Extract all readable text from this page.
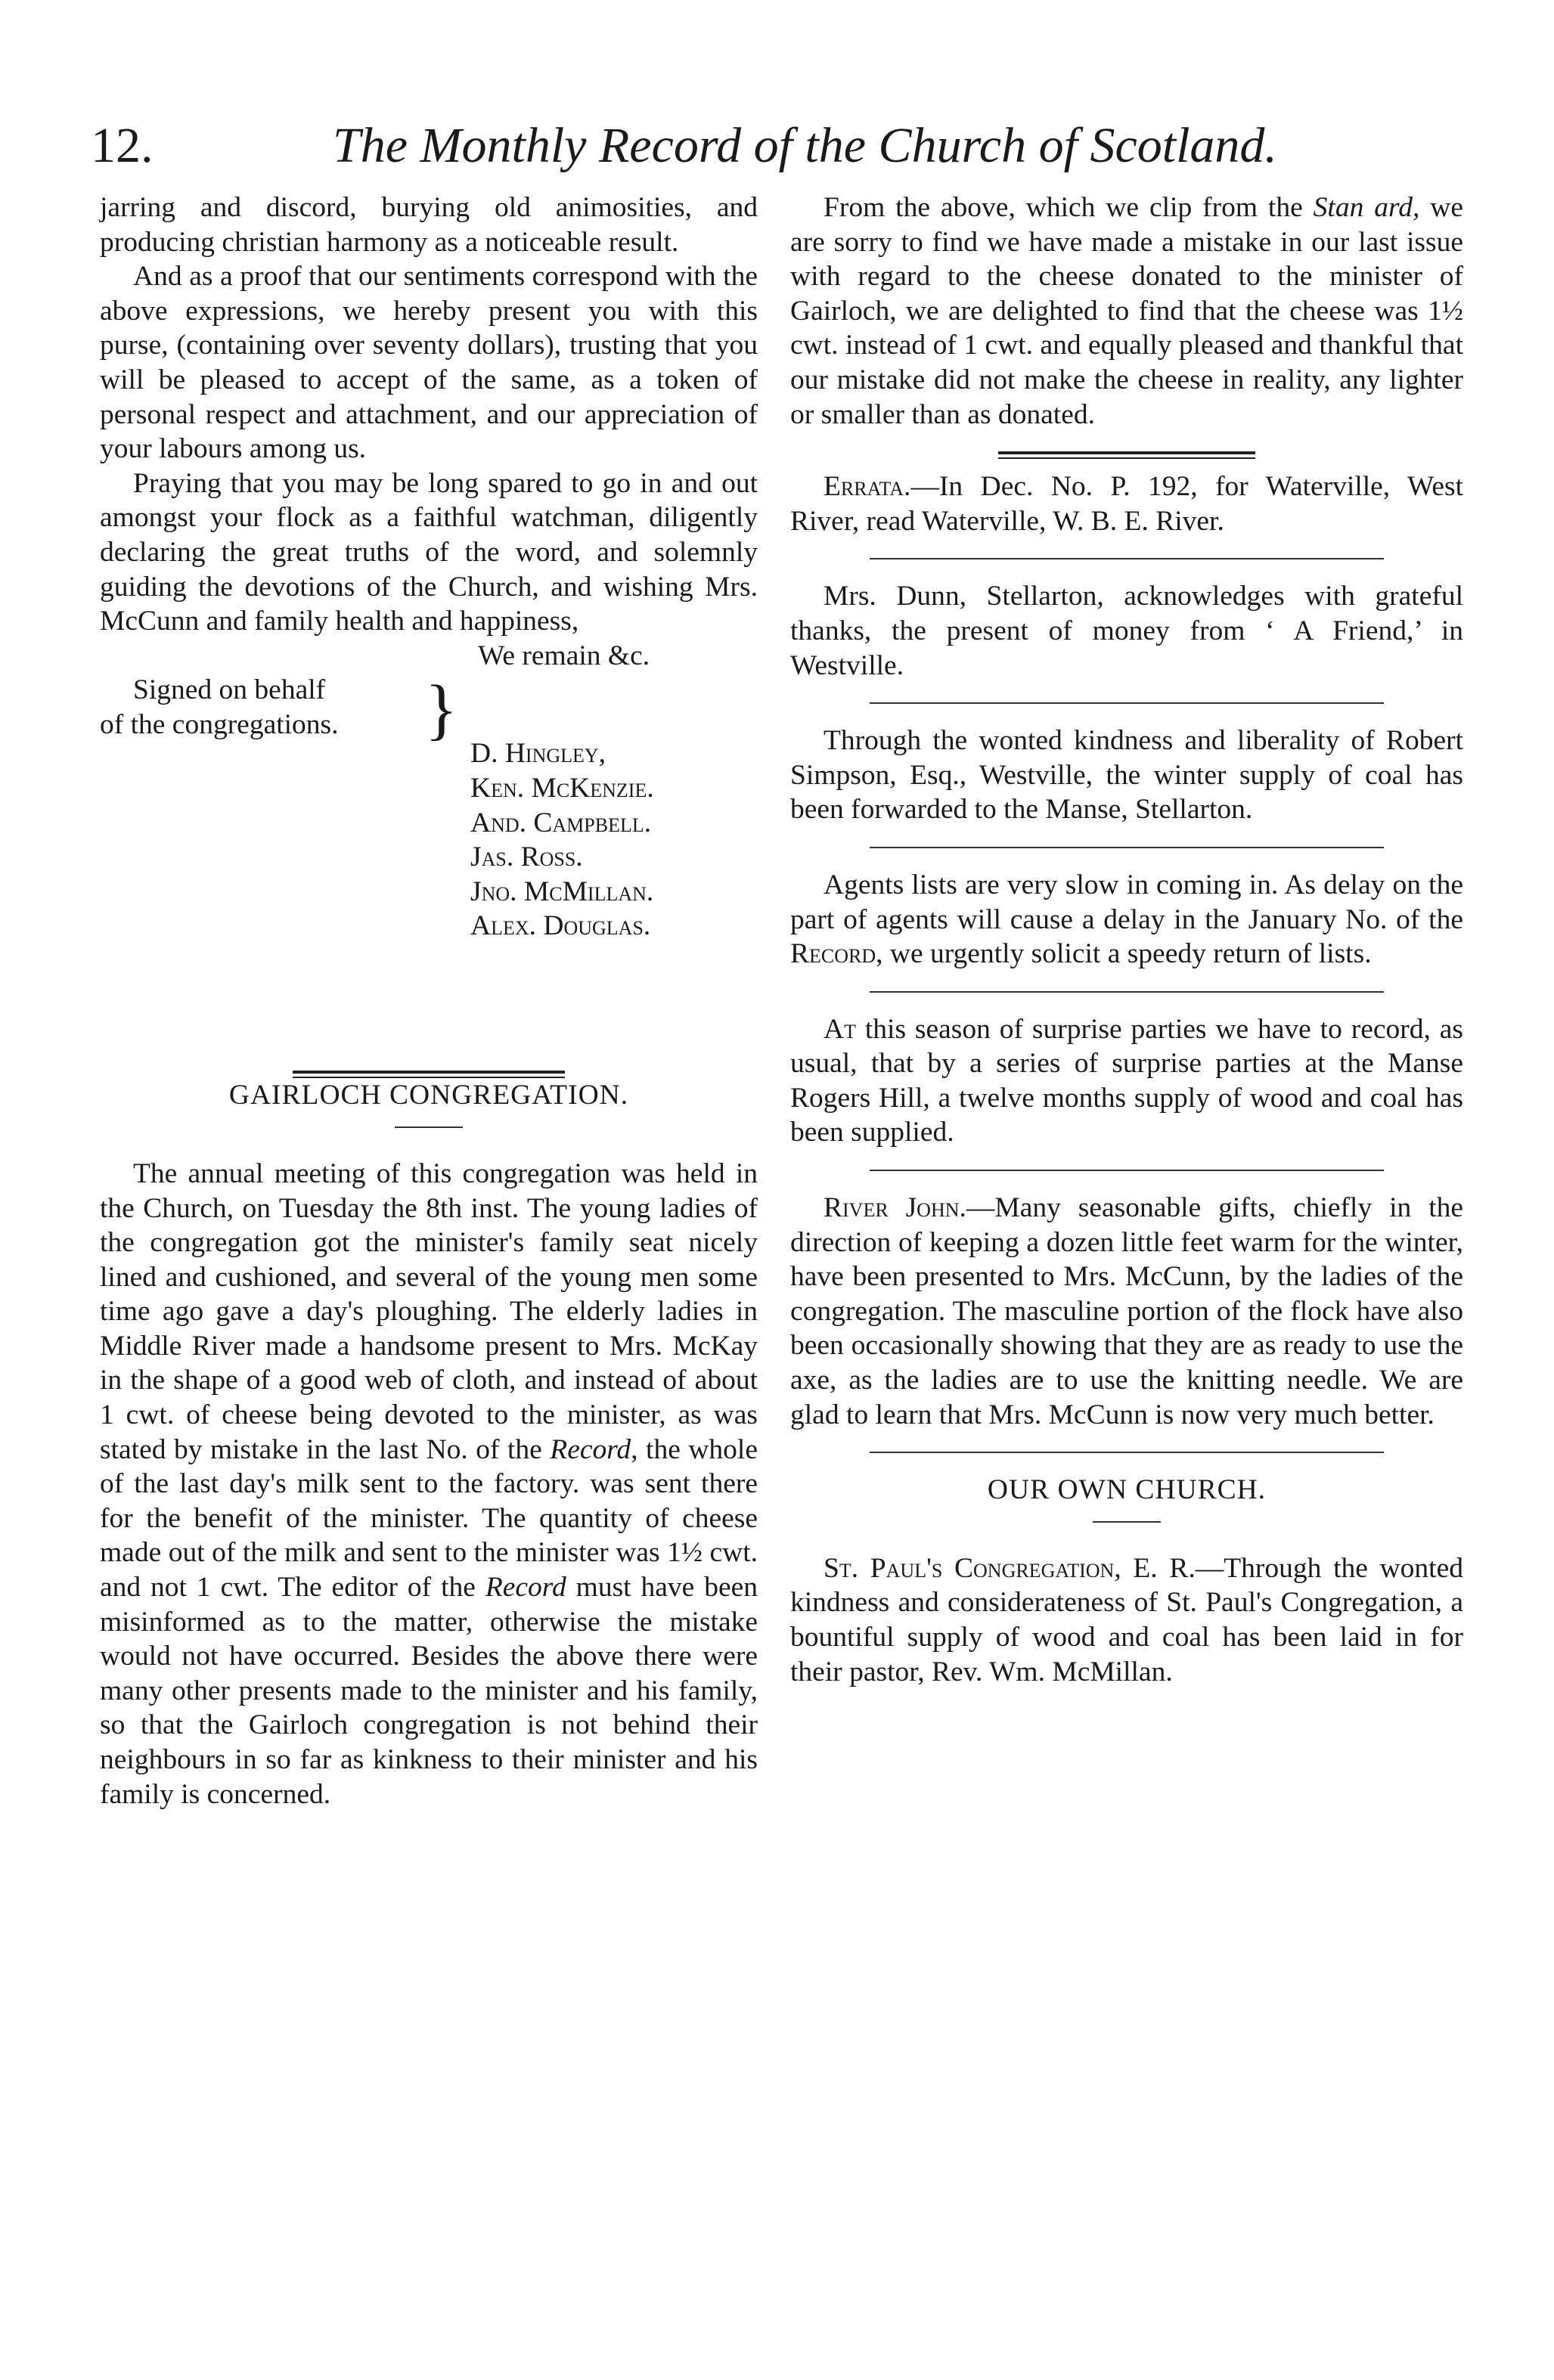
12.	The Monthly Record of the Church of Scotland.

jarring and discord, burying old animosities, and producing christian harmony as a noticeable result.

And as a proof that our sentiments correspond with the above expressions, we hereby present you with this purse, (containing over seventy dollars), trusting that you will be pleased to accept of the same, as a token of personal respect and attachment, and our appreciation of your labours among us.

Praying that you may be long spared to go in and out amongst your flock as a faithful watchman, diligently declaring the great truths of the word, and solemnly guiding the devotions of the Church, and wishing Mrs. McCunn and family health and happiness,

We remain &c.

Signed on behalf
of the congregations.	}
D. Hingley,
Ken. McKenzie.
And. Campbell.
Jas. Ross.
Jno. McMillan.
Alex. Douglas.

GAIRLOCH CONGREGATION.

The annual meeting of this congregation was held in the Church, on Tuesday the 8th inst. The young ladies of the congregation got the minister's family seat nicely lined and cushioned, and several of the young men some time ago gave a day's ploughing. The elderly ladies in Middle River made a handsome present to Mrs. McKay in the shape of a good web of cloth, and instead of about 1 cwt. of cheese being devoted to the minister, as was stated by mistake in the last No. of the Record, the whole of the last day's milk sent to the factory. was sent there for the benefit of the minister. The quantity of cheese made out of the milk and sent to the minister was 1½ cwt. and not 1 cwt. The editor of the Record must have been misinformed as to the matter, otherwise the mistake would not have occurred. Besides the above there were many other presents made to the minister and his family, so that the Gairloch congregation is not behind their neighbours in so far as kinkness to their minister and his family is concerned.

From the above, which we clip from the Stan ard, we are sorry to find we have made a mistake in our last issue with regard to the cheese donated to the minister of Gairloch, we are delighted to find that the cheese was 1½ cwt. instead of 1 cwt. and equally pleased and thankful that our mistake did not make the cheese in reality, any lighter or smaller than as donated.

Errata.—In Dec. No. P. 192, for Waterville, West River, read Waterville, W. B. E. River.

Mrs. Dunn, Stellarton, acknowledges with grateful thanks, the present of money from ‘ A Friend,’ in Westville.

Through the wonted kindness and liberality of Robert Simpson, Esq., Westville, the winter supply of coal has been forwarded to the Manse, Stellarton.

Agents lists are very slow in coming in. As delay on the part of agents will cause a delay in the January No. of the Record, we urgently solicit a speedy return of lists.

At this season of surprise parties we have to record, as usual, that by a series of surprise parties at the Manse Rogers Hill, a twelve months supply of wood and coal has been supplied.

River John.—Many seasonable gifts, chiefly in the direction of keeping a dozen little feet warm for the winter, have been presented to Mrs. McCunn, by the ladies of the congregation. The masculine portion of the flock have also been occasionally showing that they are as ready to use the axe, as the ladies are to use the knitting needle. We are glad to learn that Mrs. McCunn is now very much better.

OUR OWN CHURCH.

St. Paul's Congregation, E. R.—Through the wonted kindness and considerateness of St. Paul's Congregation, a bountiful supply of wood and coal has been laid in for their pastor, Rev. Wm. McMillan.
